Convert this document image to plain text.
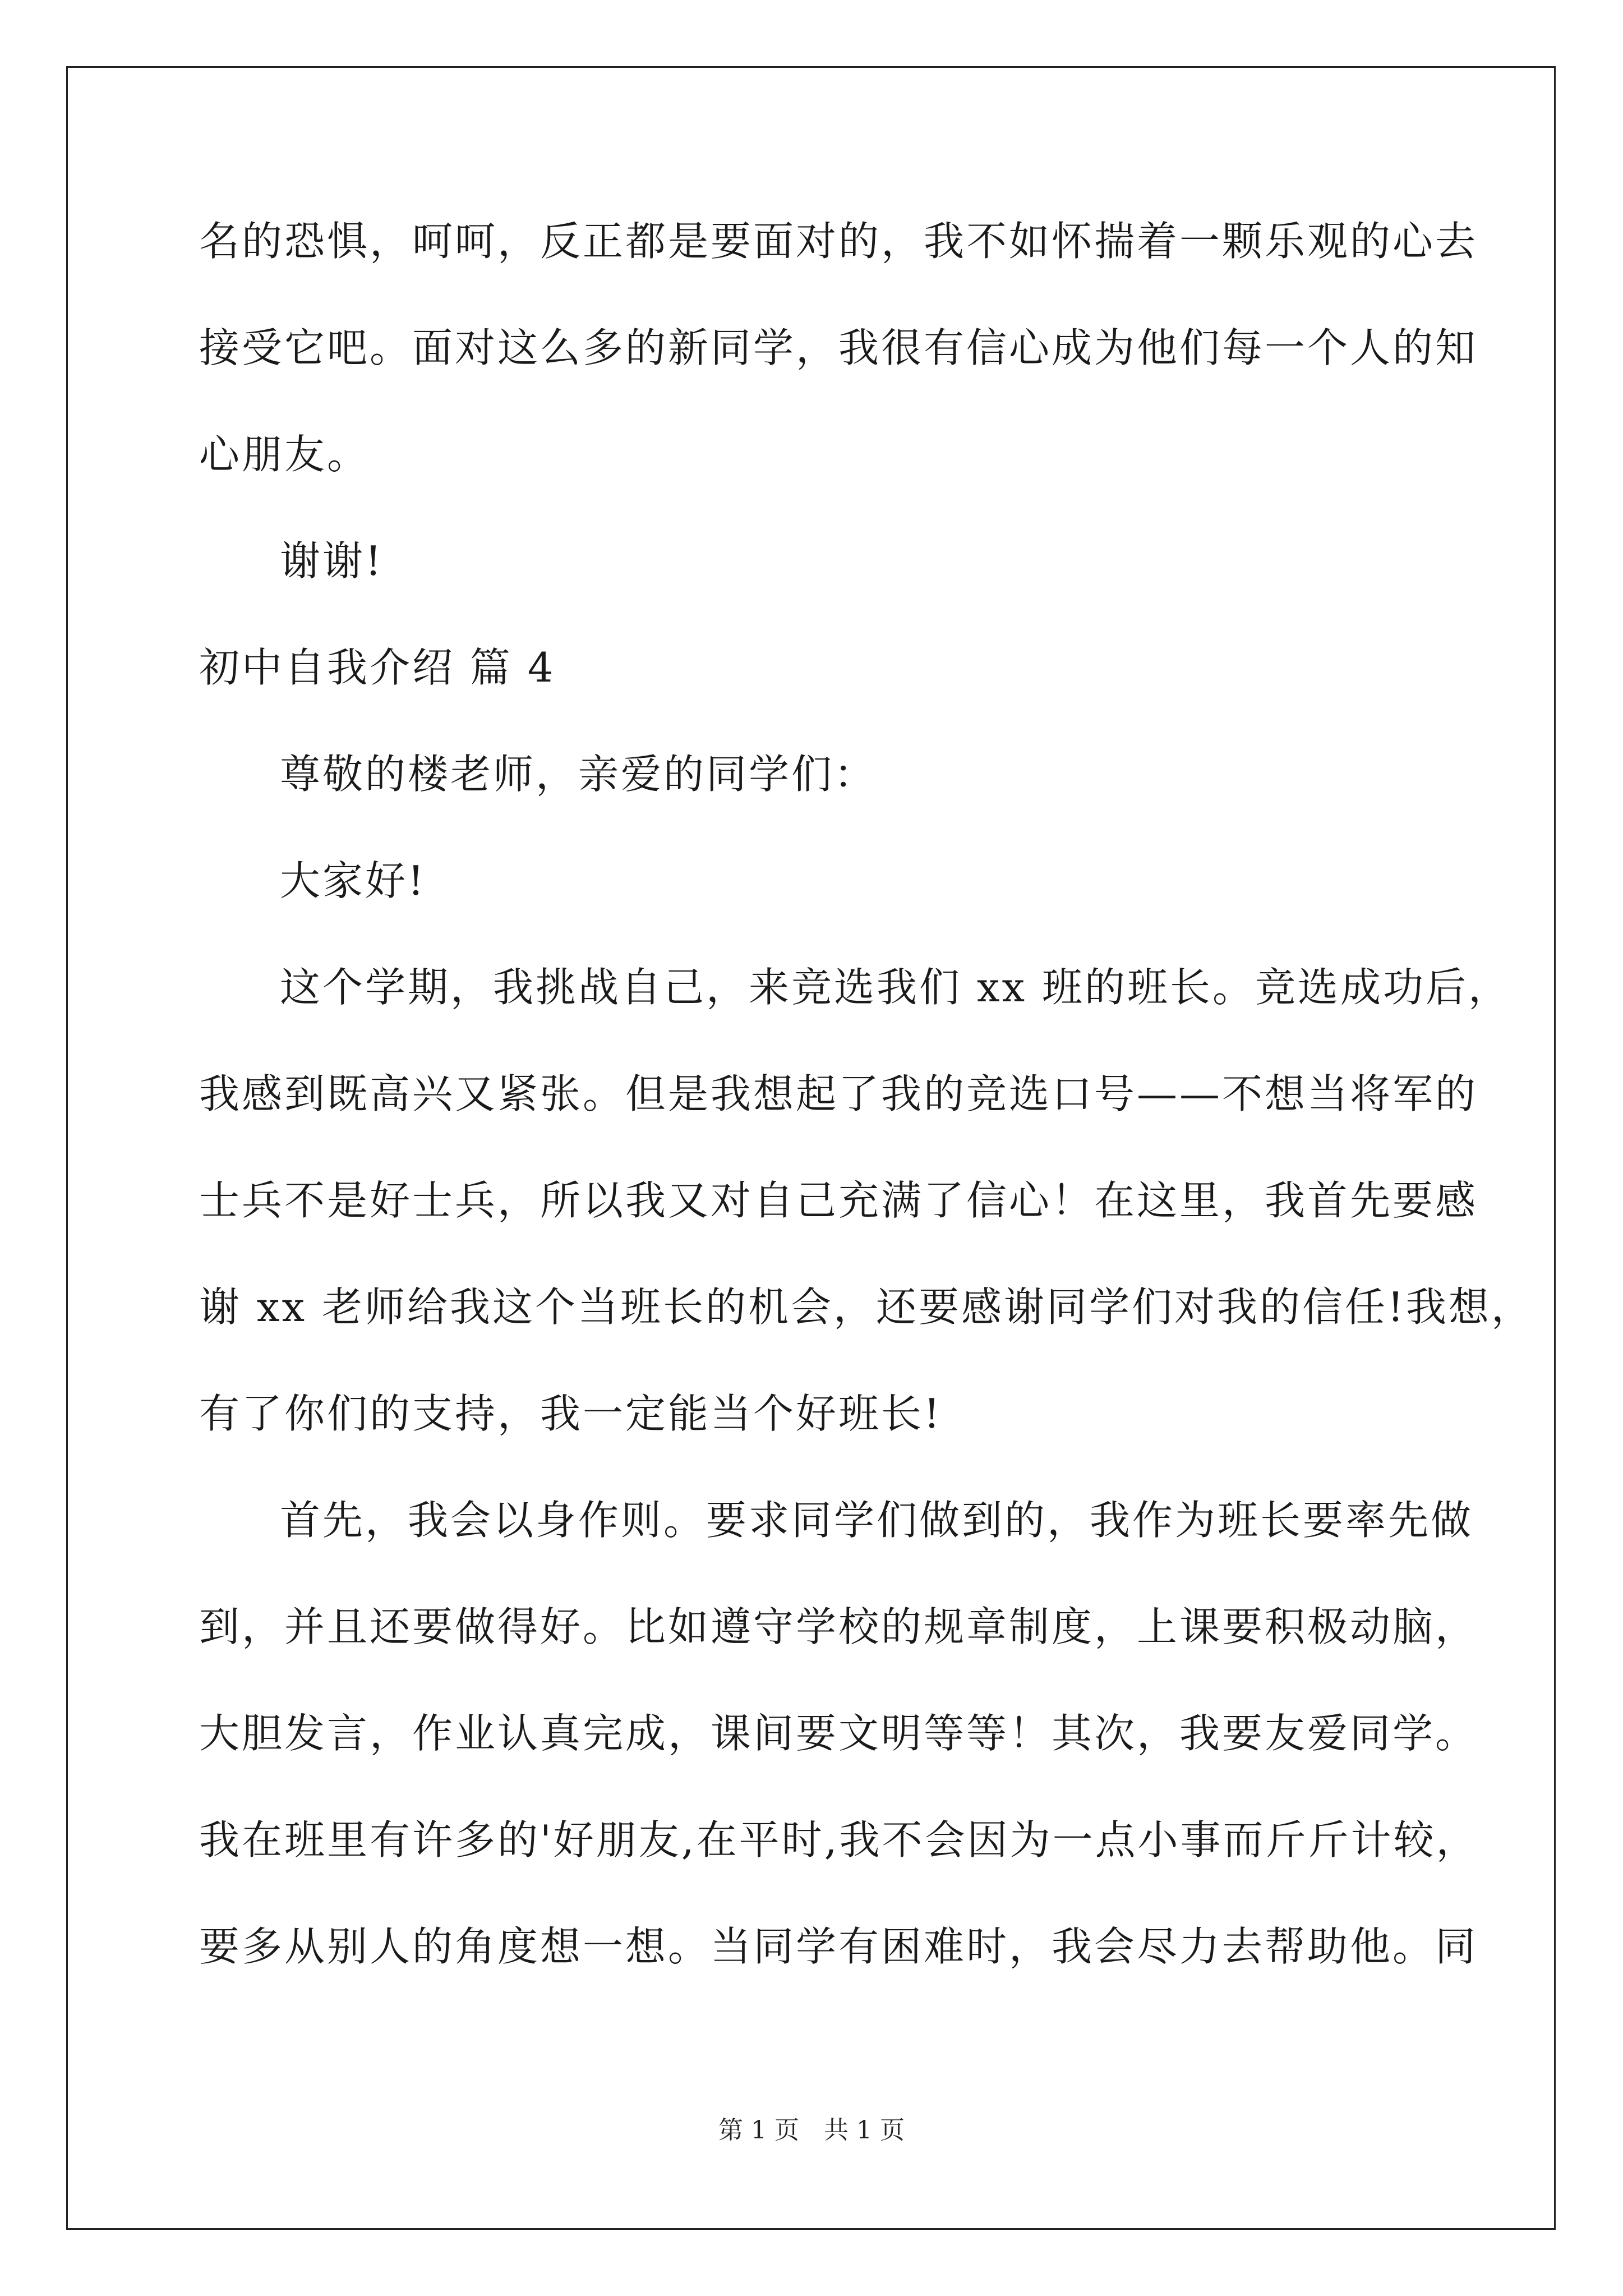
名的恐惧，呵呵，反正都是要面对的，我不如怀揣着一颗乐观的心去
接受它吧。面对这么多的新同学，我很有信心成为他们每一个人的知
心朋友。
谢谢!
初中自我介绍 篇 4
尊敬的楼老师，亲爱的同学们：
大家好!
这个学期，我挑战自己，来竞选我们 xx 班的班长。竞选成功后，
我感到既高兴又紧张。但是我想起了我的竞选口号——不想当将军的
士兵不是好士兵，所以我又对自己充满了信心！在这里，我首先要感
谢 xx 老师给我这个当班长的机会，还要感谢同学们对我的信任!我想，
有了你们的支持，我一定能当个好班长!
首先，我会以身作则。要求同学们做到的，我作为班长要率先做
到，并且还要做得好。比如遵守学校的规章制度，上课要积极动脑，
大胆发言，作业认真完成，课间要文明等等！其次，我要友爱同学。
我在班里有许多的'好朋友,在平时,我不会因为一点小事而斤斤计较，
要多从别人的角度想一想。当同学有困难时，我会尽力去帮助他。同
第 1 页　共 1 页
